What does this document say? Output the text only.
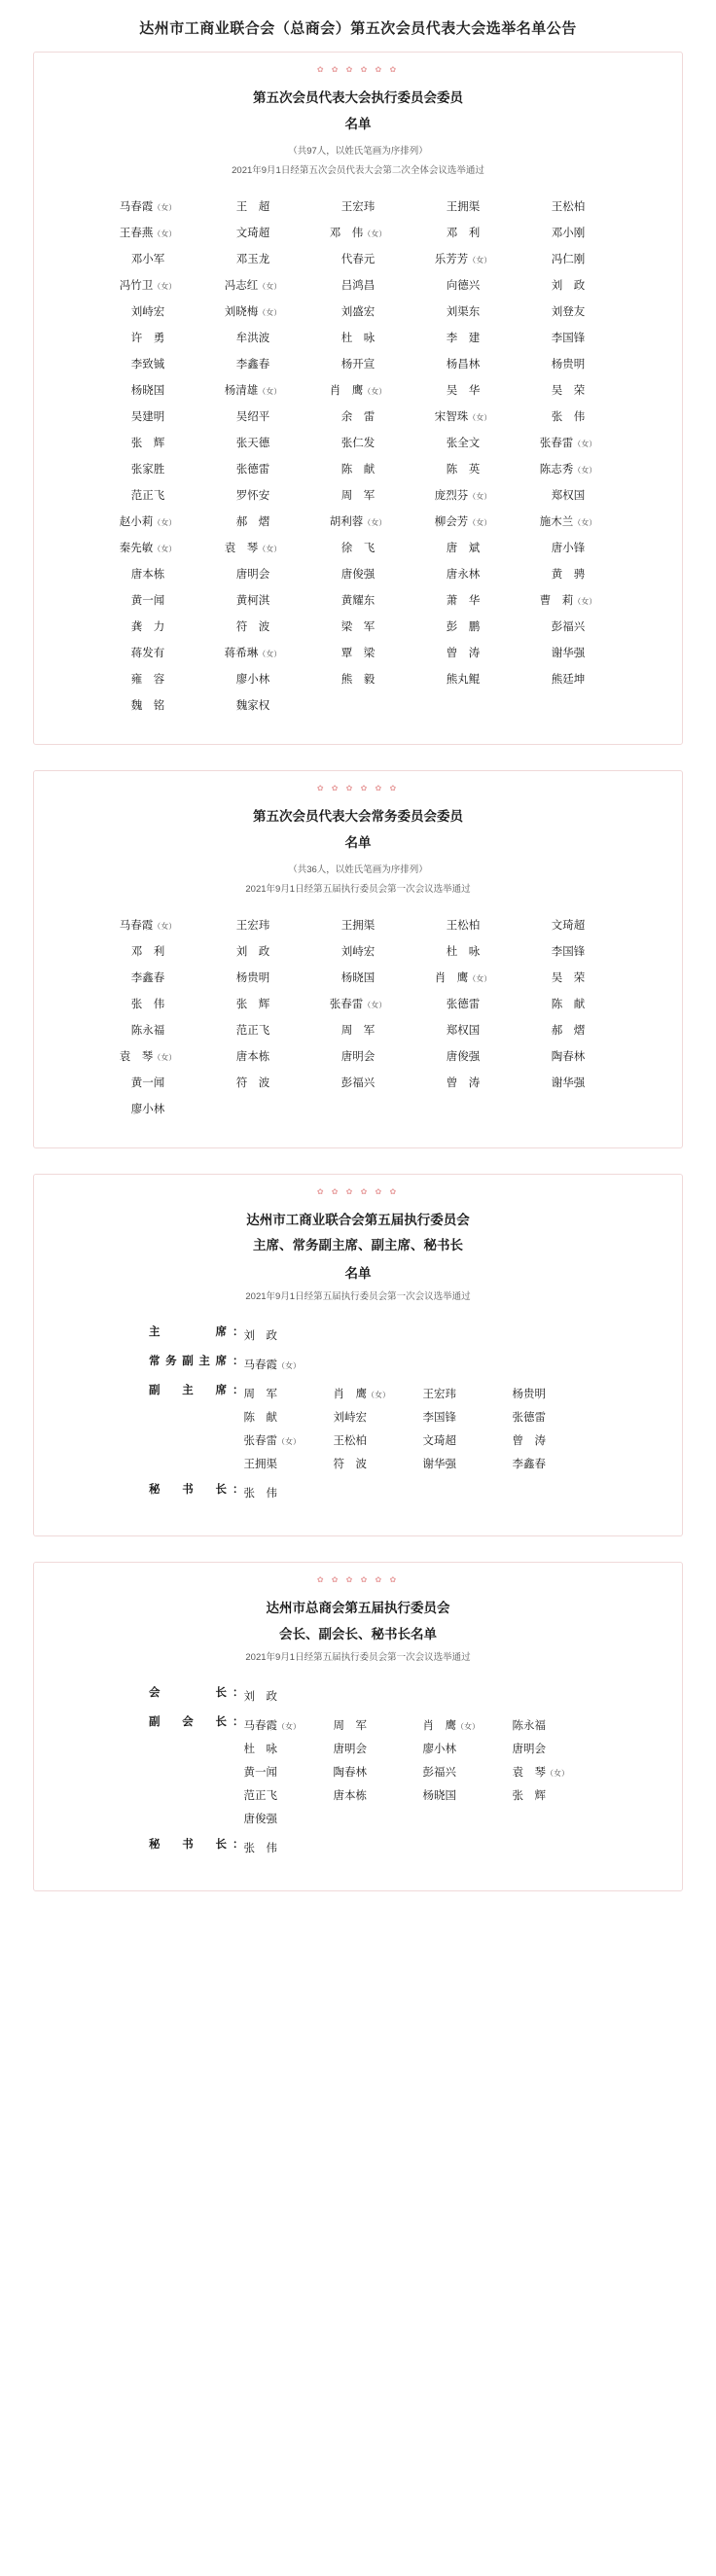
达州市工商业联合会（总商会）第五次会员代表大会选举名单公告
✿ ✿ ✿ ✿ ✿ ✿
第五次会员代表大会执行委员会委员
名单
（共97人，以姓氏笔画为序排列）
2021年9月1日经第五次会员代表大会第二次全体会议选举通过
马春霞（女）	王　超	王宏玮	王拥渠	王松柏
王春燕（女）	文琦超	邓　伟（女）	邓　利	邓小刚
邓小军	邓玉龙	代春元	乐芳芳（女）	冯仁刚
冯竹卫（女）	冯志红（女）	吕鸿昌	向德兴	刘　政
刘峙宏	刘晓梅（女）	刘盛宏	刘渠东	刘登友
许　勇	牟洪波	杜　咏	李　建	李国锋
李致铖	李鑫春	杨开宣	杨昌林	杨贵明
杨晓国	杨清雄（女）	肖　鹰（女）	吴　华	吴　荣
吴建明	吴绍平	余　雷	宋智珠（女）	张　伟
张　辉	张天德	张仁发	张全文	张春雷（女）
张家胜	张德雷	陈　献	陈　英	陈志秀（女）
范正飞	罗怀安	周　军	庞烈芬（女）	郑权国
赵小莉（女）	郝　熠	胡利蓉（女）	柳会芳（女）	施木兰（女）
秦先敏（女）	袁　琴（女）	徐　飞	唐　斌	唐小锋
唐本栋	唐明会	唐俊强	唐永林	黄　骋
黄一闻	黄柯淇	黄耀东	萧　华	曹　莉（女）
龚　力	符　波	梁　军	彭　鹏	彭福兴
蒋发有	蒋希琳（女）	覃　梁	曾　涛	谢华强
雍　容	廖小林	熊　毅	熊丸鲲	熊廷坤
魏　铭	魏家权			
✿ ✿ ✿ ✿ ✿ ✿
第五次会员代表大会常务委员会委员
名单
（共36人，以姓氏笔画为序排列）
2021年9月1日经第五届执行委员会第一次会议选举通过
马春霞（女）	王宏玮	王拥渠	王松柏	文琦超
邓　利	刘　政	刘峙宏	杜　咏	李国锋
李鑫春	杨贵明	杨晓国	肖　鹰（女）	吴　荣
张　伟	张　辉	张春雷（女）	张德雷	陈　献
陈永福	范正飞	周　军	郑权国	郝　熠
袁　琴（女）	唐本栋	唐明会	唐俊强	陶春林
黄一闻	符　波	彭福兴	曾　涛	谢华强
廖小林				
✿ ✿ ✿ ✿ ✿ ✿
达州市工商业联合会第五届执行委员会
主席、常务副主席、副主席、秘书长
名单
2021年9月1日经第五届执行委员会第一次会议选举通过
主席 ： 刘　政
常务副主席 ： 马春霞（女）
副主席 ： 周　军	肖　鹰（女）	王宏玮	杨贵明
陈　献	刘峙宏	李国锋	张德雷
张春雷（女）	王松柏	文琦超	曾　涛
王拥渠	符　波	谢华强	李鑫春
秘书长 ： 张　伟
✿ ✿ ✿ ✿ ✿ ✿
达州市总商会第五届执行委员会
会长、副会长、秘书长名单
2021年9月1日经第五届执行委员会第一次会议选举通过
会长 ： 刘　政
副会长 ： 马春霞（女）	周　军	肖　鹰（女）	陈永福
杜　咏	唐明会	廖小林	唐明会
黄一闻	陶春林	彭福兴	袁　琴（女）
范正飞	唐本栋	杨晓国	张　辉
唐俊强
秘书长 ： 张　伟
